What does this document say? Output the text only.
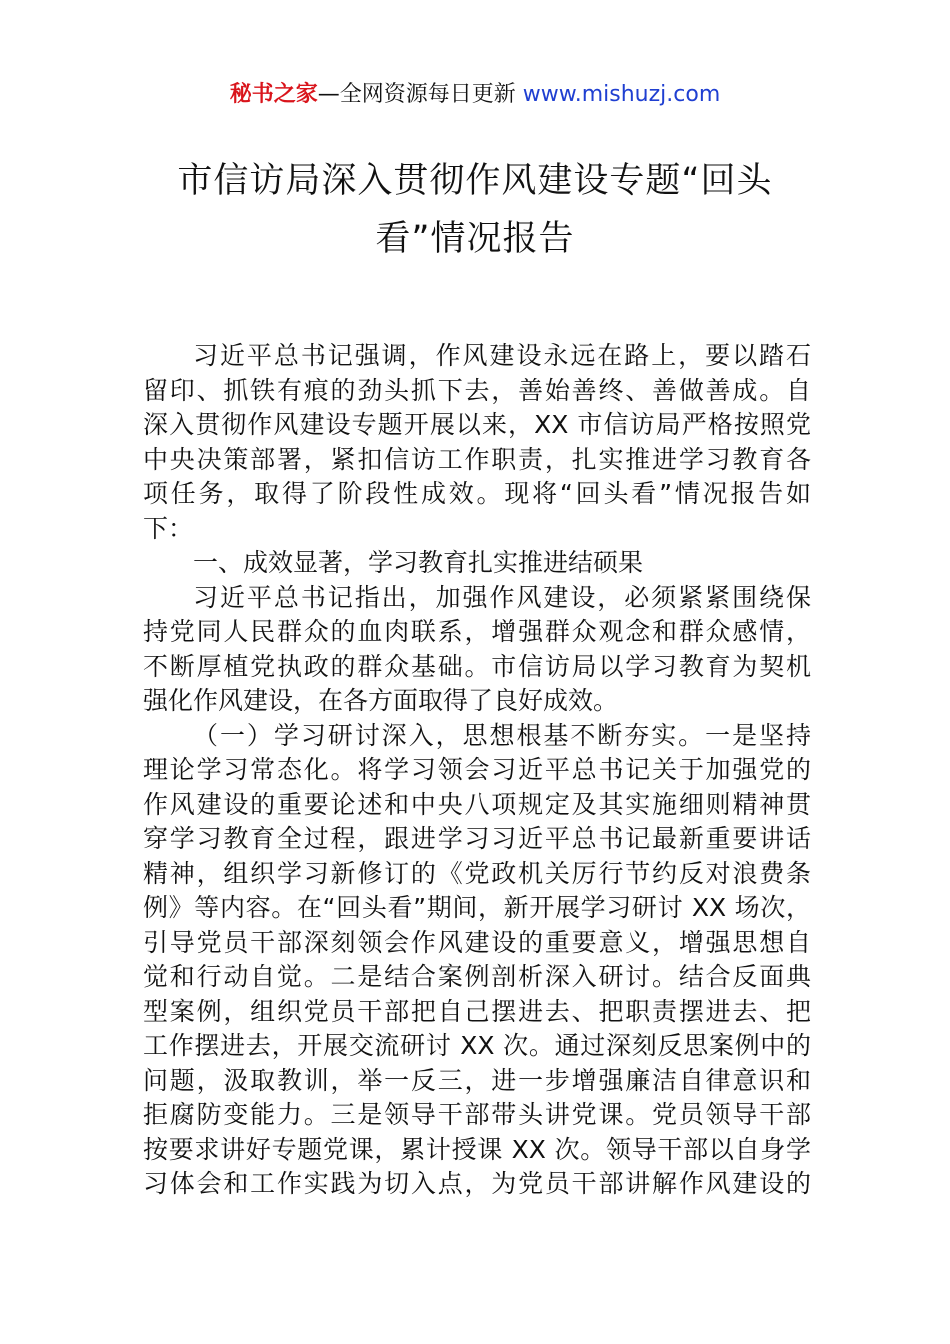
秘书之家—全网资源每日更新 www.mishuzj.com
市信访局深入贯彻作风建设专题“回头
看”情况报告
习近平总书记强调，作风建设永远在路上，要以踏石
留印、抓铁有痕的劲头抓下去，善始善终、善做善成。自
深入贯彻作风建设专题开展以来，XX 市信访局严格按照党
中央决策部署，紧扣信访工作职责，扎实推进学习教育各
项任务，取得了阶段性成效。现将“回头看”情况报告如
下：
一、成效显著，学习教育扎实推进结硕果
习近平总书记指出，加强作风建设，必须紧紧围绕保
持党同人民群众的血肉联系，增强群众观念和群众感情，
不断厚植党执政的群众基础。市信访局以学习教育为契机
强化作风建设，在各方面取得了良好成效。
（一）学习研讨深入，思想根基不断夯实。一是坚持
理论学习常态化。将学习领会习近平总书记关于加强党的
作风建设的重要论述和中央八项规定及其实施细则精神贯
穿学习教育全过程，跟进学习习近平总书记最新重要讲话
精神，组织学习新修订的《党政机关厉行节约反对浪费条
例》等内容。在“回头看”期间，新开展学习研讨 XX 场次，
引导党员干部深刻领会作风建设的重要意义，增强思想自
觉和行动自觉。二是结合案例剖析深入研讨。结合反面典
型案例，组织党员干部把自己摆进去、把职责摆进去、把
工作摆进去，开展交流研讨 XX 次。通过深刻反思案例中的
问题，汲取教训，举一反三，进一步增强廉洁自律意识和
拒腐防变能力。三是领导干部带头讲党课。党员领导干部
按要求讲好专题党课，累计授课 XX 次。领导干部以自身学
习体会和工作实践为切入点，为党员干部讲解作风建设的
